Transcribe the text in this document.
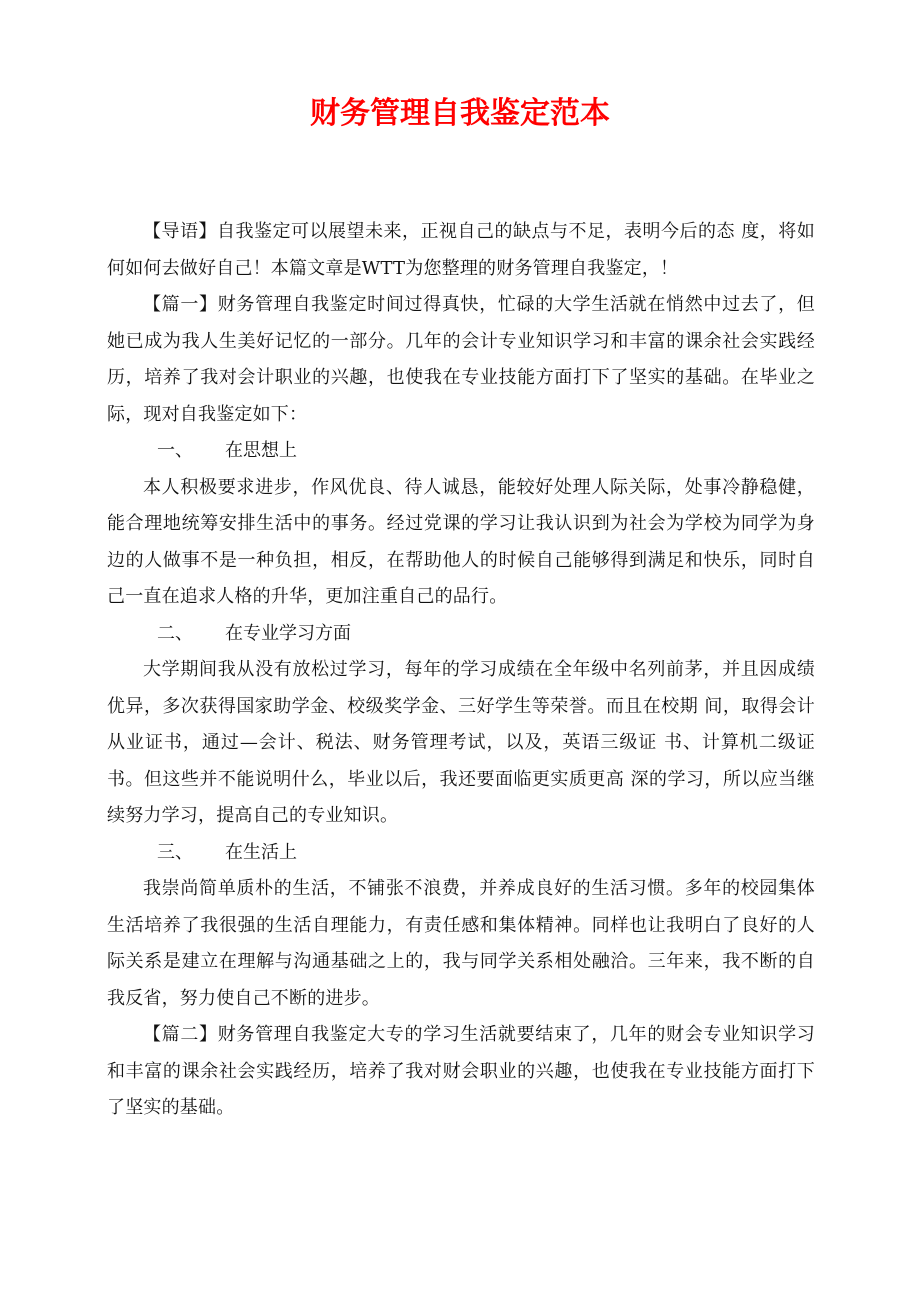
财务管理自我鉴定范本

【导语】自我鉴定可以展望未来，正视自己的缺点与不足，表明今后的态 度，将如何如何去做好自己！本篇文章是WTT为您整理的财务管理自我鉴定，！

【篇一】财务管理自我鉴定时间过得真快，忙碌的大学生活就在悄然中过去了，但她已成为我人生美好记忆的一部分。几年的会计专业知识学习和丰富的课余社会实践经历，培养了我对会计职业的兴趣，也使我在专业技能方面打下了坚实的基础。在毕业之际，现对自我鉴定如下：

一、 在思想上

本人积极要求进步，作风优良、待人诚恳，能较好处理人际关际，处事冷静稳健，能合理地统筹安排生活中的事务。经过党课的学习让我认识到为社会为学校为同学为身边的人做事不是一种负担，相反，在帮助他人的时候自己能够得到满足和快乐，同时自己一直在追求人格的升华，更加注重自己的品行。

二、 在专业学习方面

大学期间我从没有放松过学习，每年的学习成绩在全年级中名列前茅，并且因成绩优异，多次获得国家助学金、校级奖学金、三好学生等荣誉。而且在校期 间，取得会计从业证书，通过—会计、税法、财务管理考试，以及，英语三级证 书、计算机二级证书。但这些并不能说明什么，毕业以后，我还要面临更实质更高 深的学习，所以应当继续努力学习，提高自己的专业知识。

三、 在生活上

我崇尚简单质朴的生活，不铺张不浪费，并养成良好的生活习惯。多年的校园集体生活培养了我很强的生活自理能力，有责任感和集体精神。同样也让我明白了良好的人际关系是建立在理解与沟通基础之上的，我与同学关系相处融洽。三年来，我不断的自我反省，努力使自己不断的进步。

【篇二】财务管理自我鉴定大专的学习生活就要结束了，几年的财会专业知识学习和丰富的课余社会实践经历，培养了我对财会职业的兴趣，也使我在专业技能方面打下了坚实的基础。
